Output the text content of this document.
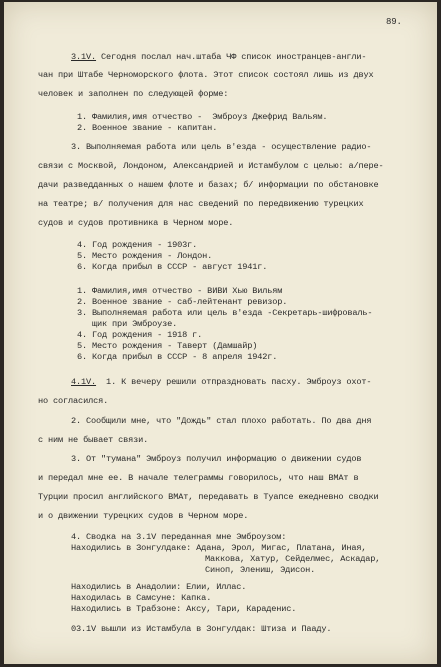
89.
3.1V. Сегодня послал нач.штаба ЧФ список иностранцев-англи-
чан при Штабе Черноморского флота. Этот список состоял лишь из двух
человек и заполнен по следующей форме:
1. Фамилия,имя отчество -  Эмброуз Джефрид Вальям.
2. Военное звание - капитан.
3. Выполняемая работа или цель в'езда - осуществление радио-
связи с Москвой, Лондоном, Александрией и Истамбулом с целью: а/пере-
дачи разведданных о нашем флоте и базах; б/ информации по обстановке
на театре; в/ получения для нас сведений по передвижению турецких
судов и судов противника в Черном море.
4. Год рождения - 1903г.
5. Место рождения - Лондон.
6. Когда прибыл в СССР - август 1941г.
1. Фамилия,имя отчество - ВИВИ Хью Вильям
2. Военное звание - саб-лейтенант ревизор.
3. Выполняемая работа или цель в'езда -Секретарь-шифроваль-
щик при Эмброузе.
4. Год рождения - 1918 г.
5. Место рождения - Таверт (Дамшайр)
6. Когда прибыл в СССР - 8 апреля 1942г.
4.1V.  1. К вечеру решили отпраздновать пасху. Эмброуз охот-
но согласился.
2. Сообщили мне, что "Дождь" стал плохо работать. По два дня
с ним не бывает связи.
3. От "тумана" Эмброуз получил информацию о движении судов
и передал мне ее. В начале телеграммы говорилось, что наш ВМАт в
Турции просил английского ВМАт, передавать в Туапсе ежедневно сводки
и о движении турецких судов в Черном море.
4. Сводка на 3.1V переданная мне Эмброузом:
Находились в Зонгулдаке: Адана, Эрол, Мигас, Платана, Иная,
Маккова, Хатур, Сейделмес, Аскадар,
Синоп, Элениш, Эдисон.
Находились в Анадолии: Елии, Иллас.
Находилась в Самсуне: Капка.
Находились в Трабзоне: Аксу, Тари, Караденис.
03.1V вышли из Истамбула в Зонгулдак: Штиза и Пааду.
